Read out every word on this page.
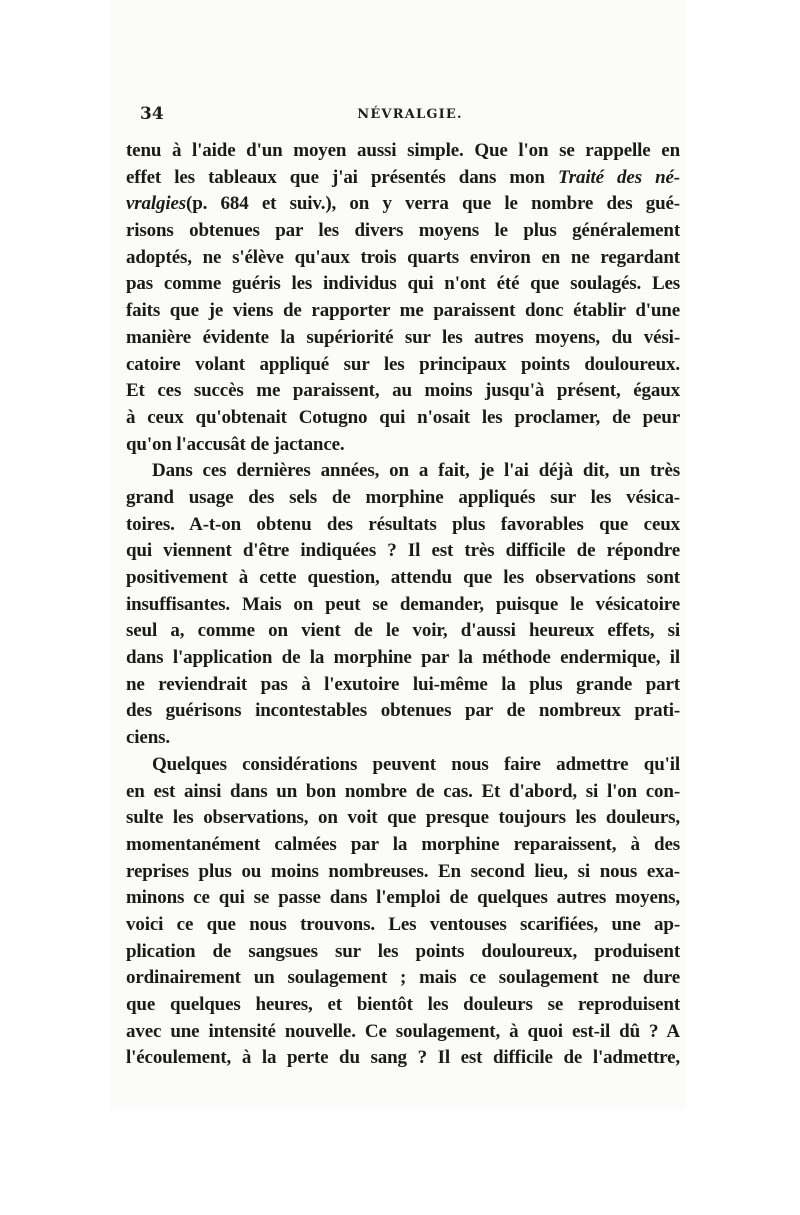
34	NÉVRALGIE.
tenu à l'aide d'un moyen aussi simple. Que l'on se rappelle en
effet les tableaux que j'ai présentés dans mon Traité des né-
vralgies(p. 684 et suiv.), on y verra que le nombre des gué-
risons obtenues par les divers moyens le plus généralement
adoptés, ne s'élève qu'aux trois quarts environ en ne regardant
pas comme guéris les individus qui n'ont été que soulagés. Les
faits que je viens de rapporter me paraissent donc établir d'une
manière évidente la supériorité sur les autres moyens, du vési-
catoire volant appliqué sur les principaux points douloureux.
Et ces succès me paraissent, au moins jusqu'à présent, égaux
à ceux qu'obtenait Cotugno qui n'osait les proclamer, de peur
qu'on l'accusât de jactance.
Dans ces dernières années, on a fait, je l'ai déjà dit, un très
grand usage des sels de morphine appliqués sur les vésica-
toires. A-t-on obtenu des résultats plus favorables que ceux
qui viennent d'être indiquées ? Il est très difficile de répondre
positivement à cette question, attendu que les observations sont
insuffisantes. Mais on peut se demander, puisque le vésicatoire
seul a, comme on vient de le voir, d'aussi heureux effets, si
dans l'application de la morphine par la méthode endermique, il
ne reviendrait pas à l'exutoire lui-même la plus grande part
des guérisons incontestables obtenues par de nombreux prati-
ciens.
Quelques considérations peuvent nous faire admettre qu'il
en est ainsi dans un bon nombre de cas. Et d'abord, si l'on con-
sulte les observations, on voit que presque toujours les douleurs,
momentanément calmées par la morphine reparaissent, à des
reprises plus ou moins nombreuses. En second lieu, si nous exa-
minons ce qui se passe dans l'emploi de quelques autres moyens,
voici ce que nous trouvons. Les ventouses scarifiées, une ap-
plication de sangsues sur les points douloureux, produisent
ordinairement un soulagement ; mais ce soulagement ne dure
que quelques heures, et bientôt les douleurs se reproduisent
avec une intensité nouvelle. Ce soulagement, à quoi est-il dû ? A
l'écoulement, à la perte du sang ? Il est difficile de l'admettre,
